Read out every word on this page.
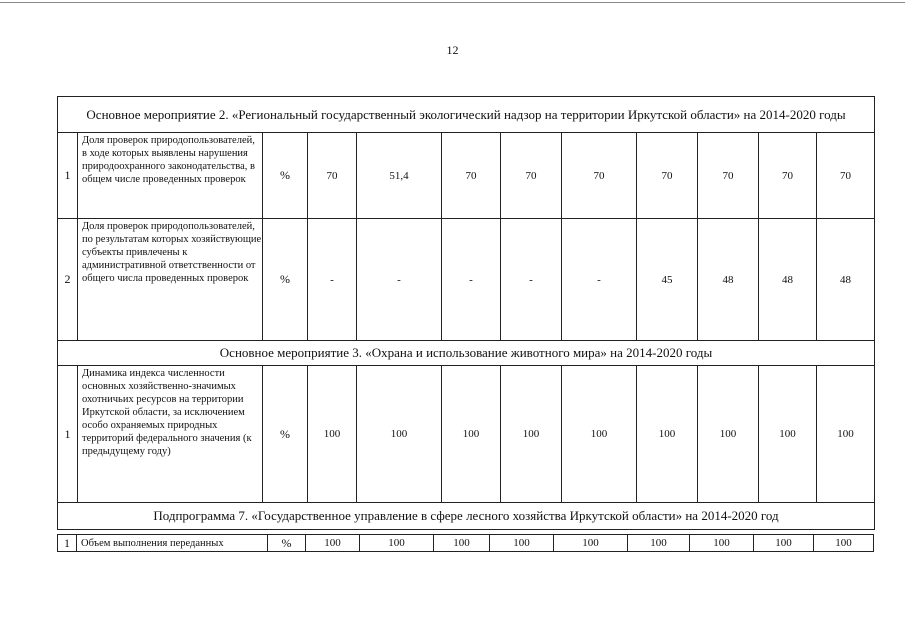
12
Основное мероприятие 2. «Региональный государственный экологический надзор на территории Иркутской области» на 2014-2020 годы											
1	Доля проверок природопользователей, в ходе которых выявлены нарушения природоохранного законодательства, в общем числе проведенных проверок	%	70	51,4	70	70	70	70	70	70	70
2	Доля проверок природопользователей, по результатам которых хозяйствующие субъекты привлечены к административной ответственности от общего числа проведенных проверок	%	-	-	-	-	-	45	48	48	48
Основное мероприятие 3. «Охрана и использование животного мира» на 2014-2020 годы											
1	Динамика индекса численности основных хозяйственно-значимых охотничьих ресурсов на территории Иркутской области, за исключением особо охраняемых природных территорий федерального значения (к предыдущему году)	%	100	100	100	100	100	100	100	100	100
Подпрограмма 7. «Государственное управление в сфере лесного хозяйства Иркутской области» на 2014-2020 год											
1	Объем выполнения переданных	%	100	100	100	100	100	100	100	100	100
